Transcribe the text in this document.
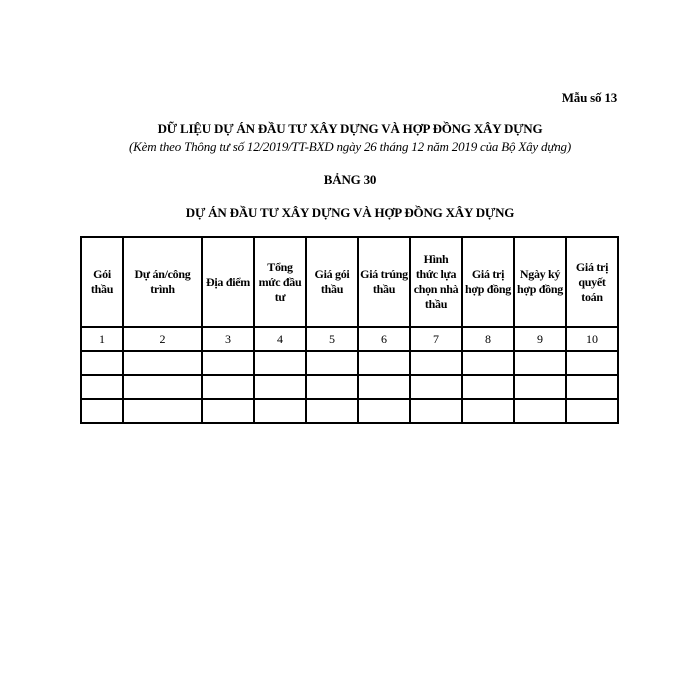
Mẫu số 13
DỮ LIỆU DỰ ÁN ĐẦU TƯ XÂY DỰNG VÀ HỢP ĐỒNG XÂY DỰNG
(Kèm theo Thông tư số 12/2019/TT-BXD ngày 26 tháng 12 năm 2019 của Bộ Xây dựng)
BẢNG 30
DỰ ÁN ĐẦU TƯ XÂY DỰNG VÀ HỢP ĐỒNG XÂY DỰNG
Gói thầu	Dự án/công trình	Địa điểm	Tổng mức đầu tư	Giá gói thầu	Giá trúng thầu	Hình thức lựa chọn nhà thầu	Giá trị hợp đồng	Ngày ký hợp đồng	Giá trị quyết toán
1	2	3	4	5	6	7	8	9	10
